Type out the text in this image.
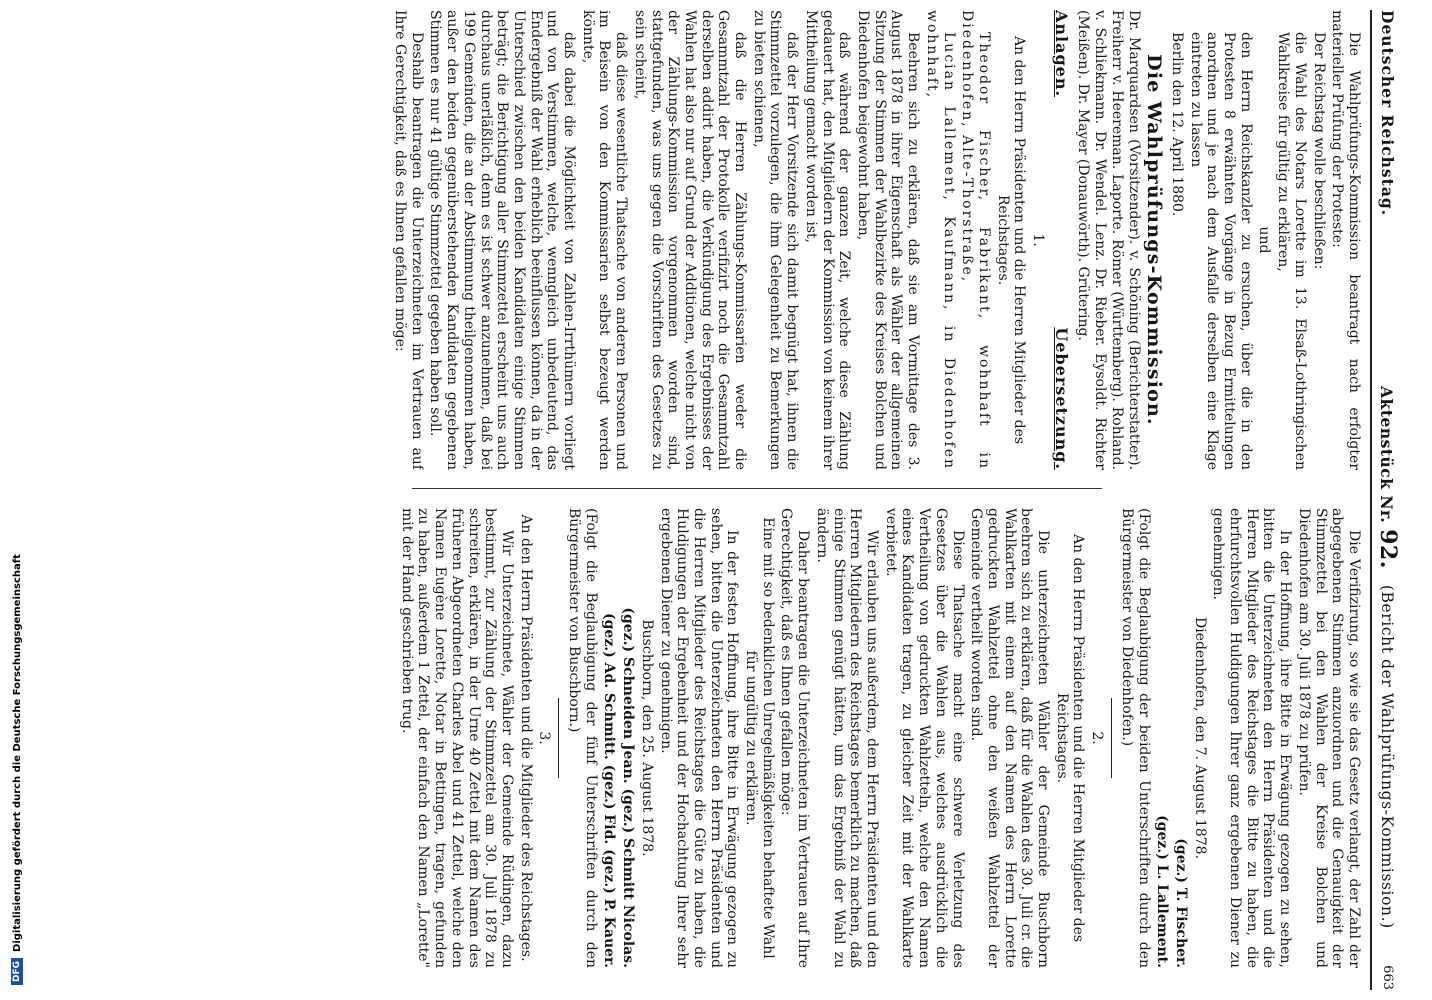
DFG
Digitalisierung gefördert durch die Deutsche Forschungsgemeinschaft
Deutscher Reichstag.
Aktenstück Nr. 92.
(Bericht der Wahlprüfungs-Kommission.)
663

Die Wahlprüfungs-Kommission beantragt nach erfolgter materieller Prüfung der Proteste:

Der Reichstag wolle beschließen:

die Wahl des Notars Lorette im 13. Elsaß-Lothringischen Wahlkreise für gültig zu erklären,

und

den Herrn Reichskanzler zu ersuchen, über die in den Protesten 8 erwähnten Vorgänge in Bezug Ermittelungen anordnen und je nach dem Ausfalle derselben eine Klage eintreten zu lassen

Berlin den 12. April 1880.

Die Wahlprüfungs-Kommission.

Dr. Marquardsen (Vorsitzender). v. Schöning (Berichterstatter). Freiherr v. Heereman. Laporte. Römer (Württemberg). Rohland. v. Schliekmann. Dr. Wendel. Lenz. Dr. Rieber. Eysoldt. Richter (Meißen). Dr. Mayer (Donauwörth). Grütering.

Anlagen.
Uebersetzung.
1.

An den Herrn Präsidenten und die Herren Mitglieder des Reichstages.

Theodor Fischer, Fabrikant, wohnhaft in Diedenhofen, Alte-Thorstraße,

Lucian Lallement, Kaufmann, in Diedenhofen wohnhaft,

Beehren sich zu erklären, daß sie am Vormittage des 3. August 1878 in ihrer Eigenschaft als Wähler der allgemeinen Sitzung der Stimmen der Wahlbezirke des Kreises Bolchen und Diedenhofen beigewohnt haben,

daß während der ganzen Zeit, welche diese Zählung gedauert hat, den Mitgliedern der Kommission von keinem ihrer Mittheilung gemacht worden ist,

daß der Herr Vorsitzende sich damit begnügt hat, ihnen die Stimmzettel vorzulegen, die ihm Gelegenheit zu Bemerkungen zu bieten schienen,

daß die Herren Zählungs-Kommissarien weder die Gesammtzahl der Protokolle verifizirt noch die Gesammtzahl derselben addirt haben, die Verkündigung des Ergebnisses der Wahlen hat also nur auf Grund der Additionen, welche nicht von der Zählungs-Kommission vorgenommen worden sind, stattgefunden, was uns gegen die Vorschriften des Gesetzes zu sein scheint,

daß diese wesentliche Thatsache von anderen Personen und im Beisein von den Kommissarien selbst bezeugt werden könnte,

daß dabei die Möglichkeit von Zahlen-Irrthümern vorliegt und von Verstimmen, welche, wenngleich unbedeutend, das Endergebniß der Wahl erheblich beeinflussen können, da in der Unterschied zwischen den beiden Kandidaten einige Stimmen beträgt; die Berichtigung aller Stimmzettel erscheint uns auch durchaus unerläßlich, denn es ist schwer anzunehmen, daß bei 199 Gemeinden, die an der Abstimmung theilgenommen haben, außer den beiden gegenüberstehenden Kandidaten gegebenen Stimmen es nur 41 gültige Stimmzettel gegeben haben soll.

Deshalb beantragen die Unterzeichneten im Vertrauen auf Ihre Gerechtigkeit, daß es Ihnen gefallen möge:

Die Verifizirung, so wie sie das Gesetz verlangt, der Zahl der abgegebenen Stimmen anzuordnen und die Genauigkeit der Stimmzettel bei den Wahlen der Kreise Bolchen und Diedenhofen am 30. Juli 1878 zu prüfen.

In der Hoffnung, ihre Bitte in Erwägung gezogen zu sehen, bitten die Unterzeichneten den Herrn Präsidenten und die Herren Mitglieder des Reichstages die Bitte zu haben, die ehrfurchtsvollen Huldigungen Ihrer ganz ergebenen Diener zu genehmigen.

Diedenhofen, den 7. August 1878.

(gez.) T. Fischer.

(gez.) L. Lallement.

(Folgt die Beglaubigung der beiden Unterschriften durch den Bürgermeister von Diedenhofen.)

2.

An den Herrn Präsidenten und die Herren Mitglieder des Reichstages.

Die unterzeichneten Wähler der Gemeinde Buschborn beehren sich zu erklären, daß für die Wahlen des 30. Juli cr. die Wahlkarten mit einem auf den Namen des Herrn Lorette gedruckten Wahlzettel ohne den weißen Wahlzettel der Gemeinde vertheilt worden sind.

Diese Thatsache macht eine schwere Verletzung des Gesetzes über die Wahlen aus, welches ausdrücklich die Vertheilung von gedruckten Wahlzetteln, welche den Namen eines Kandidaten tragen, zu gleicher Zeit mit der Wahlkarte verbietet.

Wir erlauben uns außerdem, dem Herrn Präsidenten und den Herren Mitgliedern des Reichstages bemerklich zu machen, daß einige Stimmen genügt hätten, um das Ergebniß der Wahl zu ändern.

Daher beantragen die Unterzeichneten im Vertrauen auf Ihre Gerechtigkeit, daß es Ihnen gefallen möge:

Eine mit so bedenklichen Unregelmäßigkeiten behaftete Wahl für ungültig zu erklären.

In der festen Hoffnung, ihre Bitte in Erwägung gezogen zu sehen, bitten die Unterzeichneten den Herrn Präsidenten und die Herren Mitglieder des Reichstages die Güte zu haben, die Huldigungen der Ergebenheit und der Hochachtung Ihrer sehr ergebenen Diener zu genehmigen.

Buschborn, den 25. August 1878.

(gez.) Schneiden Jean. (gez.) Schmitt Nicolas.

(gez.) Ad. Schmitt. (gez.) Fid. (gez.) P. Kauer.

(Folgt die Beglaubigung der fünf Unterschriften durch den Bürgermeister von Buschborn.)

3.

An den Herrn Präsidenten und die Mitglieder des Reichstages.

Wir Unterzeichnete, Wähler der Gemeinde Rüdingen, dazu bestimmt, zur Zählung der Stimmzettel am 30. Juli 1878 zu schreiten, erklären, in der Urne 40 Zettel mit dem Namen des früheren Abgeordneten Charles Abel und 41 Zettel, welche den Namen Eugène Lorette, Notar in Bettingen, tragen, gefunden zu haben, außerdem 1 Zettel, der einfach den Namen „Lorette" mit der Hand geschrieben trug.
